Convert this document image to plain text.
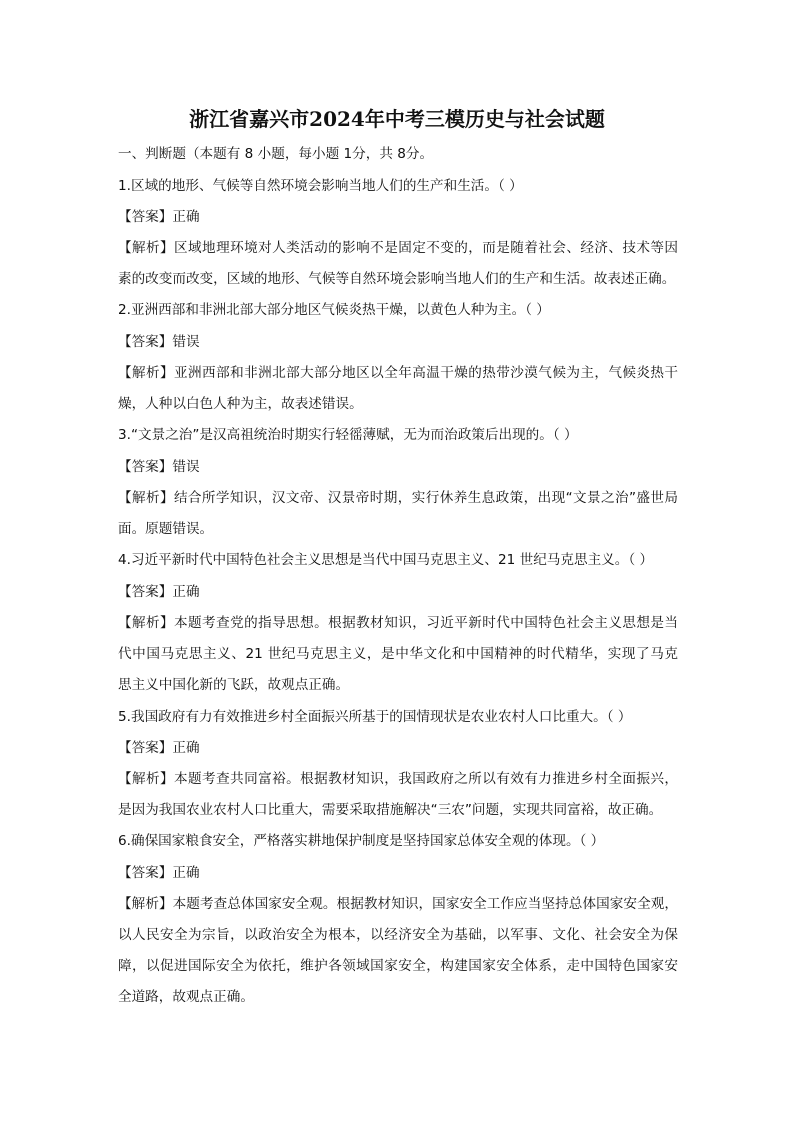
浙江省嘉兴市2024年中考三模历史与社会试题
一、判断题（本题有 8 小题，每小题 1分，共 8分。
1.区域的地形、气候等自然环境会影响当地人们的生产和生活。（ ）
【答案】正确
【解析】区域地理环境对人类活动的影响不是固定不变的，而是随着社会、经济、技术等因
素的改变而改变，区域的地形、气候等自然环境会影响当地人们的生产和生活。故表述正确。
2.亚洲西部和非洲北部大部分地区气候炎热干燥，以黄色人种为主。（ ）
【答案】错误
【解析】亚洲西部和非洲北部大部分地区以全年高温干燥的热带沙漠气候为主，气候炎热干
燥，人种以白色人种为主，故表述错误。
3.“文景之治”是汉高祖统治时期实行轻徭薄赋，无为而治政策后出现的。（ ）
【答案】错误
【解析】结合所学知识，汉文帝、汉景帝时期，实行休养生息政策，出现“文景之治”盛世局
面。原题错误。
4.习近平新时代中国特色社会主义思想是当代中国马克思主义、21 世纪马克思主义。（ ）
【答案】正确
【解析】本题考查党的指导思想。根据教材知识，习近平新时代中国特色社会主义思想是当
代中国马克思主义、21 世纪马克思主义，是中华文化和中国精神的时代精华，实现了马克
思主义中国化新的飞跃，故观点正确。
5.我国政府有力有效推进乡村全面振兴所基于的国情现状是农业农村人口比重大。（ ）
【答案】正确
【解析】本题考查共同富裕。根据教材知识，我国政府之所以有效有力推进乡村全面振兴，
是因为我国农业农村人口比重大，需要采取措施解决“三农”问题，实现共同富裕，故正确。
6.确保国家粮食安全，严格落实耕地保护制度是坚持国家总体安全观的体现。（ ）
【答案】正确
【解析】本题考查总体国家安全观。根据教材知识，国家安全工作应当坚持总体国家安全观，
以人民安全为宗旨，以政治安全为根本，以经济安全为基础，以军事、文化、社会安全为保
障，以促进国际安全为依托，维护各领域国家安全，构建国家安全体系，走中国特色国家安
全道路，故观点正确。
